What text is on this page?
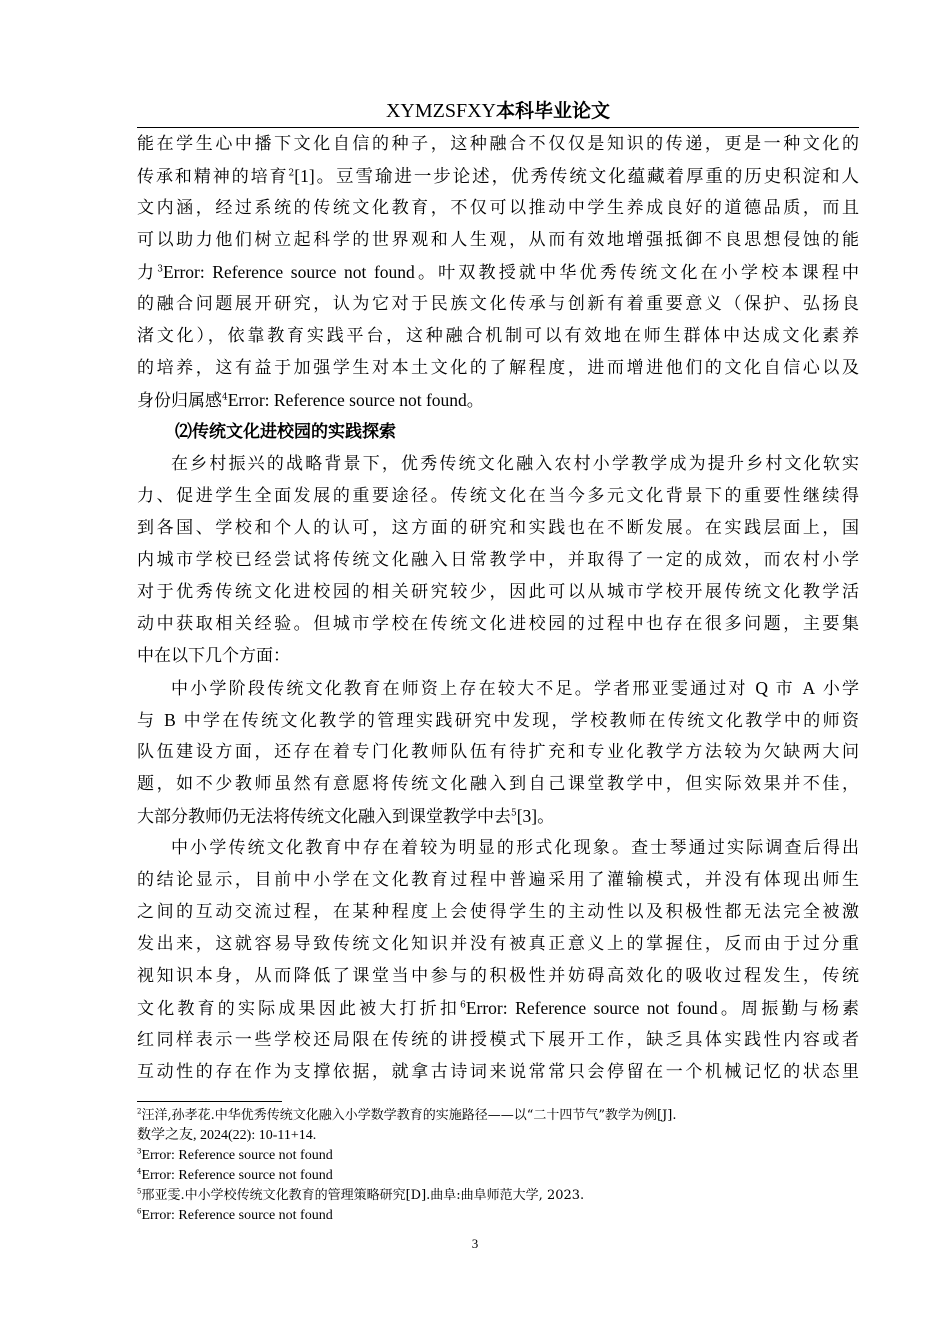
XYMZSFXY本科毕业论文
能在学生心中播下文化自信的种子，这种融合不仅仅是知识的传递，更是一种文化的
传承和精神的培育$^2$[1]。豆雪瑜进一步论述，优秀传统文化蕴藏着厚重的历史积淀和人
文内涵，经过系统的传统文化教育，不仅可以推动中学生养成良好的道德品质，而且
可以助力他们树立起科学的世界观和人生观，从而有效地增强抵御不良思想侵蚀的能
力$^3$Error: Reference source not found。叶双教授就中华优秀传统文化在小学校本课程中
的融合问题展开研究，认为它对于民族文化传承与创新有着重要意义（保护、弘扬良
渚文化），依靠教育实践平台，这种融合机制可以有效地在师生群体中达成文化素养
的培养，这有益于加强学生对本土文化的了解程度，进而增进他们的文化自信心以及
身份归属感$^4$Error: Reference source not found。
⑵传统文化进校园的实践探索
在乡村振兴的战略背景下，优秀传统文化融入农村小学教学成为提升乡村文化软实
力、促进学生全面发展的重要途径。传统文化在当今多元文化背景下的重要性继续得
到各国、学校和个人的认可，这方面的研究和实践也在不断发展。在实践层面上，国
内城市学校已经尝试将传统文化融入日常教学中，并取得了一定的成效，而农村小学
对于优秀传统文化进校园的相关研究较少，因此可以从城市学校开展传统文化教学活
动中获取相关经验。但城市学校在传统文化进校园的过程中也存在很多问题，主要集
中在以下几个方面：
中小学阶段传统文化教育在师资上存在较大不足。学者邢亚雯通过对 Q 市 A 小学
与 B 中学在传统文化教学的管理实践研究中发现，学校教师在传统文化教学中的师资
队伍建设方面，还存在着专门化教师队伍有待扩充和专业化教学方法较为欠缺两大问
题，如不少教师虽然有意愿将传统文化融入到自己课堂教学中，但实际效果并不佳，
大部分教师仍无法将传统文化融入到课堂教学中去$^5$[3]。
中小学传统文化教育中存在着较为明显的形式化现象。查士琴通过实际调查后得出
的结论显示，目前中小学在文化教育过程中普遍采用了灌输模式，并没有体现出师生
之间的互动交流过程，在某种程度上会使得学生的主动性以及积极性都无法完全被激
发出来，这就容易导致传统文化知识并没有被真正意义上的掌握住，反而由于过分重
视知识本身，从而降低了课堂当中参与的积极性并妨碍高效化的吸收过程发生，传统
文化教育的实际成果因此被大打折扣$^6$Error: Reference source not found。周振勤与杨素
红同样表示一些学校还局限在传统的讲授模式下展开工作，缺乏具体实践性内容或者
互动性的存在作为支撑依据，就拿古诗词来说常常只会停留在一个机械记忆的状态里
$^2$汪洋,孙孝花.中华优秀传统文化融入小学数学教育的实施路径——以“二十四节气”教学为例[J].
数学之友, 2024(22): 10-11+14.
$^3$Error: Reference source not found
$^4$Error: Reference source not found
$^5$邢亚雯.中小学校传统文化教育的管理策略研究[D].曲阜:曲阜师范大学, 2023.
$^6$Error: Reference source not found
3
